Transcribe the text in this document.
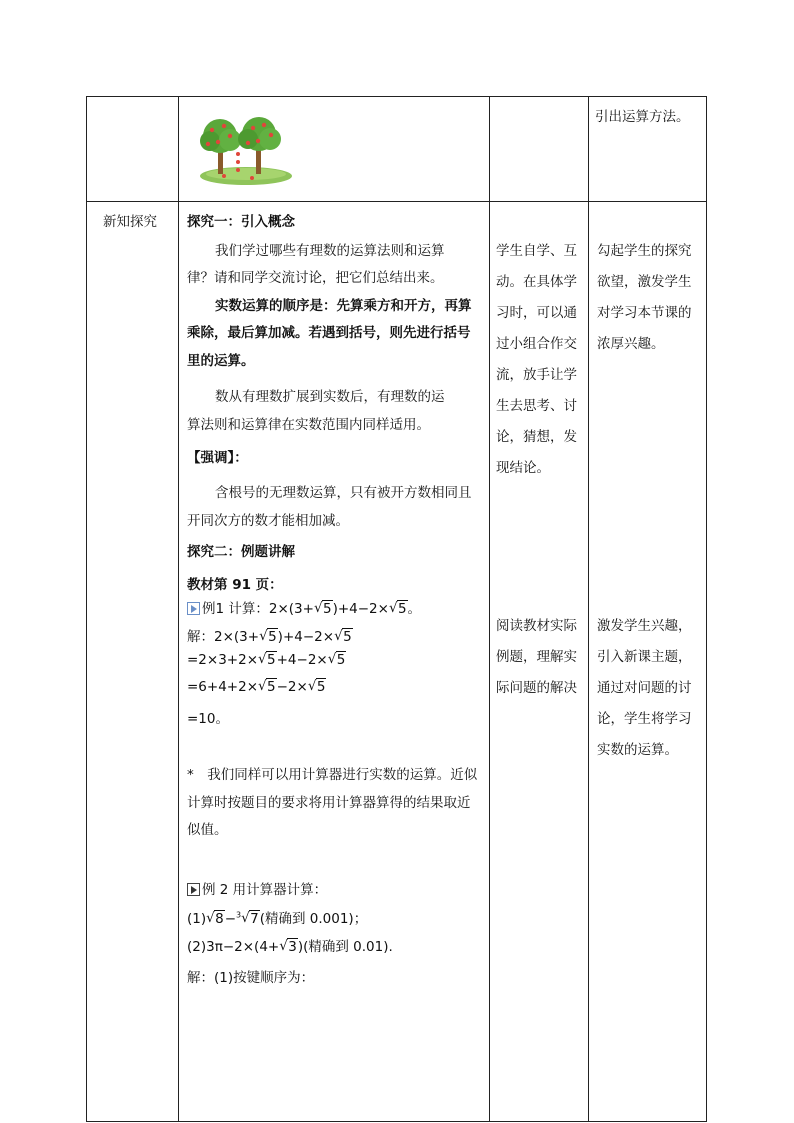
引出运算方法。
新知探究 探究一：引入概念
我们学过哪些有理数的运算法则和运算
律？请和同学交流讨论，把它们总结出来。
实数运算的顺序是：先算乘方和开方，再算
乘除，最后算加减。若遇到括号，则先进行括号
里的运算。
数从有理数扩展到实数后，有理数的运
算法则和运算律在实数范围内同样适用。
【强调】：
含根号的无理数运算，只有被开方数相同且
开同次方的数才能相加减。
探究二：例题讲解
教材第 91 页：
例1 计算：2×(3+ √ 5)+4−2× √ 5。
解：2×(3+ √ 5)+4−2× √ 5
=2×3+2× √ 5+4−2× √ 5
=6+4+2× √ 5−2× √ 5
=10。
*　我们同样可以用计算器进行实数的运算。近似
计算时按题目的要求将用计算器算得的结果取近
似值。
例 2 用计算器计算：
(1) √ 8−$^3$ √ 7(精确到 0.001)；
(2)3π−2×(4+ √ 3)(精确到 0.01).
解：(1)按键顺序为：
学生自学、互
动。在具体学
习时，可以通
过小组合作交
流，放手让学
生去思考、讨
论，猜想，发
现结论。
勾起学生的探究
欲望，激发学生
对学习本节课的
浓厚兴趣。
阅读教材实际
例题，理解实
际问题的解决
激发学生兴趣，
引入新课主题，
通过对问题的讨
论，学生将学习
实数的运算。
